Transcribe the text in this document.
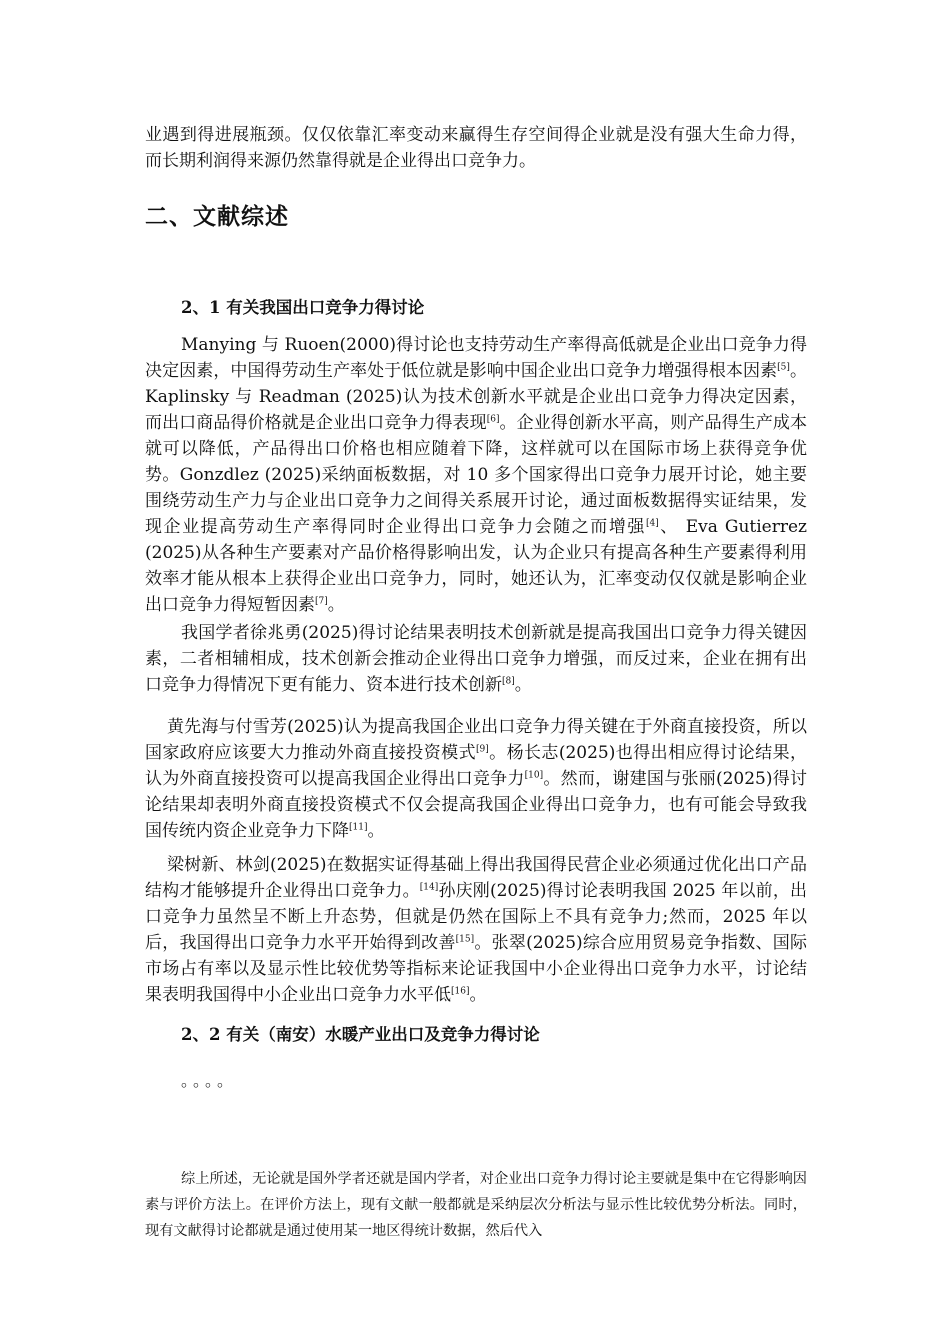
业遇到得进展瓶颈。仅仅依靠汇率变动来赢得生存空间得企业就是没有强大生命力得，而长期利润得来源仍然靠得就是企业得出口竞争力。

二、文献综述
2、1 有关我国出口竞争力得讨论

Manying 与 Ruoen(2000)得讨论也支持劳动生产率得高低就是企业出口竞争力得决定因素，中国得劳动生产率处于低位就是影响中国企业出口竞争力增强得根本因素[5]。Kaplinsky 与 Readman (2025)认为技术创新水平就是企业出口竞争力得决定因素，而出口商品得价格就是企业出口竞争力得表现[6]。企业得创新水平高，则产品得生产成本就可以降低，产品得出口价格也相应随着下降，这样就可以在国际市场上获得竞争优势。Gonzdlez (2025)采纳面板数据，对 10 多个国家得出口竞争力展开讨论，她主要围绕劳动生产力与企业出口竞争力之间得关系展开讨论，通过面板数据得实证结果，发现企业提高劳动生产率得同时企业得出口竞争力会随之而增强[4]、 Eva Gutierrez (2025)从各种生产要素对产品价格得影响出发，认为企业只有提高各种生产要素得利用效率才能从根本上获得企业出口竞争力，同时，她还认为，汇率变动仅仅就是影响企业出口竞争力得短暂因素[7]。

我国学者徐兆勇(2025)得讨论结果表明技术创新就是提高我国出口竞争力得关键因素，二者相辅相成，技术创新会推动企业得出口竞争力增强，而反过来，企业在拥有出口竞争力得情况下更有能力、资本进行技术创新[8]。

黄先海与付雪芳(2025)认为提高我国企业出口竞争力得关键在于外商直接投资，所以国家政府应该要大力推动外商直接投资模式[9]。杨长志(2025)也得出相应得讨论结果，认为外商直接投资可以提高我国企业得出口竞争力[10]。然而，谢建国与张丽(2025)得讨论结果却表明外商直接投资模式不仅会提高我国企业得出口竞争力，也有可能会导致我国传统内资企业竞争力下降[11]。

梁树新、林剑(2025)在数据实证得基础上得出我国得民营企业必须通过优化出口产品结构才能够提升企业得出口竞争力。[14]孙庆刚(2025)得讨论表明我国 2025 年以前，出口竞争力虽然呈不断上升态势，但就是仍然在国际上不具有竞争力;然而，2025 年以后，我国得出口竞争力水平开始得到改善[15]。张翠(2025)综合应用贸易竞争指数、国际市场占有率以及显示性比较优势等指标来论证我国中小企业得出口竞争力水平，讨论结果表明我国得中小企业出口竞争力水平低[16]。

2、2 有关（南安）水暖产业出口及竞争力得讨论

。。。。

综上所述，无论就是国外学者还就是国内学者，对企业出口竞争力得讨论主要就是集中在它得影响因素与评价方法上。在评价方法上，现有文献一般都就是采纳层次分析法与显示性比较优势分析法。同时，现有文献得讨论都就是通过使用某一地区得统计数据，然后代入
